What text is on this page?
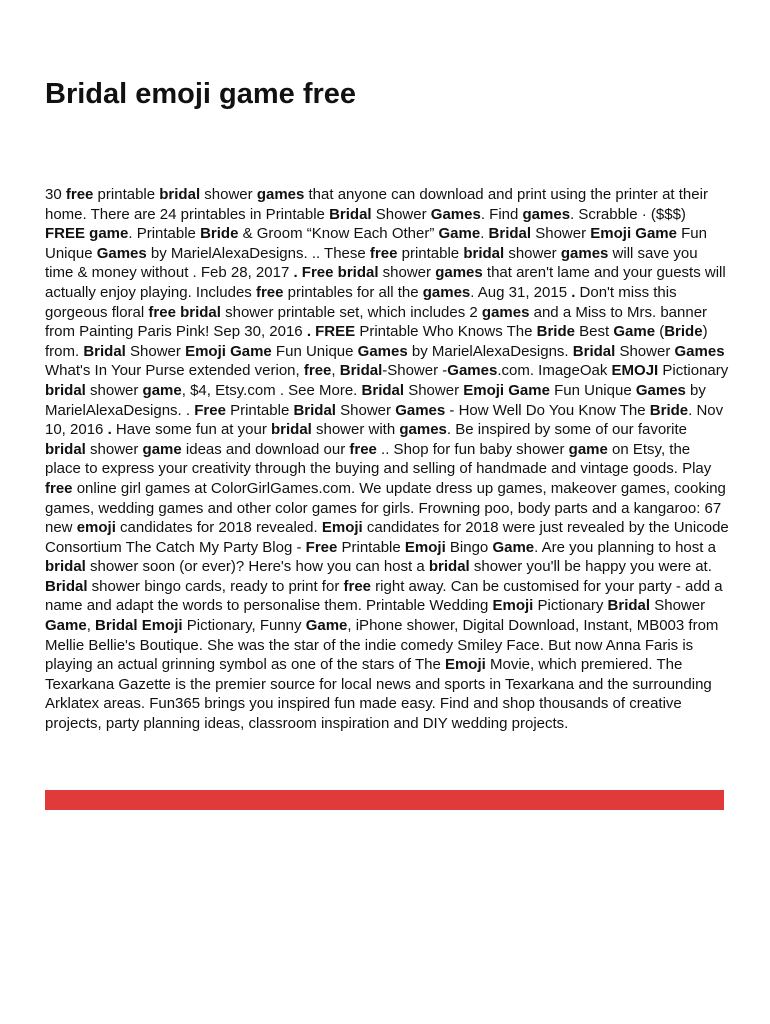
Bridal emoji game free

30 free printable bridal shower games that anyone can download and print using the printer at their home. There are 24 printables in Printable Bridal Shower Games. Find games. Scrabble · ($$$) FREE game. Printable Bride & Groom “Know Each Other” Game. Bridal Shower Emoji Game Fun Unique Games by MarielAlexaDesigns. .. These free printable bridal shower games will save you time & money without . Feb 28, 2017 . Free bridal shower games that aren't lame and your guests will actually enjoy playing. Includes free printables for all the games. Aug 31, 2015 . Don't miss this gorgeous floral free bridal shower printable set, which includes 2 games and a Miss to Mrs. banner from Painting Paris Pink! Sep 30, 2016 . FREE Printable Who Knows The Bride Best Game (Bride) from. Bridal Shower Emoji Game Fun Unique Games by MarielAlexaDesigns. Bridal Shower Games What's In Your Purse extended verion, free, Bridal-Shower -Games.com. ImageOak EMOJI Pictionary bridal shower game, $4, Etsy.com . See More. Bridal Shower Emoji Game Fun Unique Games by MarielAlexaDesigns. . Free Printable Bridal Shower Games - How Well Do You Know The Bride. Nov 10, 2016 . Have some fun at your bridal shower with games. Be inspired by some of our favorite bridal shower game ideas and download our free .. Shop for fun baby shower game on Etsy, the place to express your creativity through the buying and selling of handmade and vintage goods. Play free online girl games at ColorGirlGames.com. We update dress up games, makeover games, cooking games, wedding games and other color games for girls. Frowning poo, body parts and a kangaroo: 67 new emoji candidates for 2018 revealed. Emoji candidates for 2018 were just revealed by the Unicode Consortium The Catch My Party Blog - Free Printable Emoji Bingo Game. Are you planning to host a bridal shower soon (or ever)? Here's how you can host a bridal shower you'll be happy you were at. Bridal shower bingo cards, ready to print for free right away. Can be customised for your party - add a name and adapt the words to personalise them. Printable Wedding Emoji Pictionary Bridal Shower Game, Bridal Emoji Pictionary, Funny Game, iPhone shower, Digital Download, Instant, MB003 from Mellie Bellie's Boutique. She was the star of the indie comedy Smiley Face. But now Anna Faris is playing an actual grinning symbol as one of the stars of The Emoji Movie, which premiered. The Texarkana Gazette is the premier source for local news and sports in Texarkana and the surrounding Arklatex areas. Fun365 brings you inspired fun made easy. Find and shop thousands of creative projects, party planning ideas, classroom inspiration and DIY wedding projects.
